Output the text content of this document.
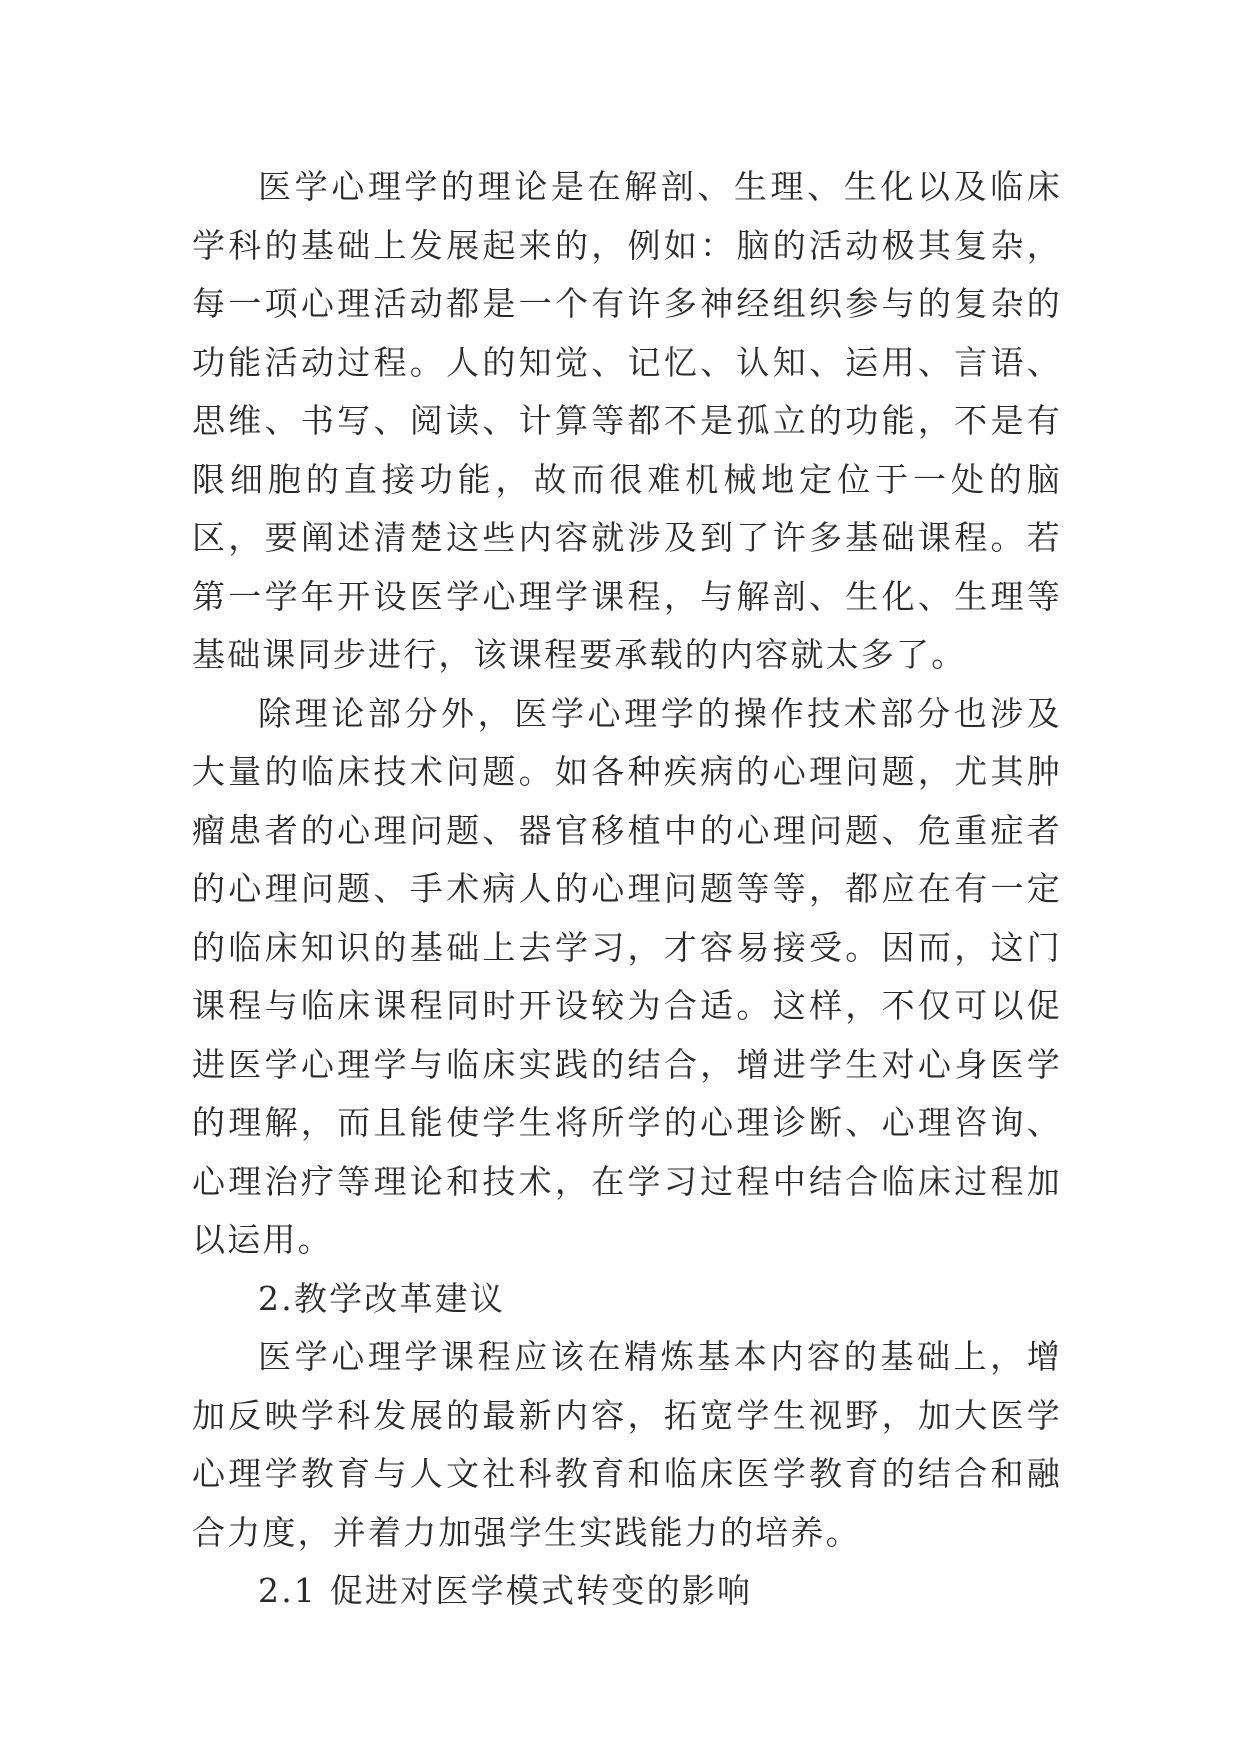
医学心理学的理论是在解剖、生理、生化以及临床学科的基础上发展起来的，例如：脑的活动极其复杂，每一项心理活动都是一个有许多神经组织参与的复杂的功能活动过程。人的知觉、记忆、认知、运用、言语、思维、书写、阅读、计算等都不是孤立的功能，不是有限细胞的直接功能，故而很难机械地定位于一处的脑区，要阐述清楚这些内容就涉及到了许多基础课程。若第一学年开设医学心理学课程，与解剖、生化、生理等基础课同步进行，该课程要承载的内容就太多了。

除理论部分外，医学心理学的操作技术部分也涉及大量的临床技术问题。如各种疾病的心理问题，尤其肿瘤患者的心理问题、器官移植中的心理问题、危重症者的心理问题、手术病人的心理问题等等，都应在有一定的临床知识的基础上去学习，才容易接受。因而，这门课程与临床课程同时开设较为合适。这样，不仅可以促进医学心理学与临床实践的结合，增进学生对心身医学的理解，而且能使学生将所学的心理诊断、心理咨询、心理治疗等理论和技术，在学习过程中结合临床过程加以运用。

2.教学改革建议

医学心理学课程应该在精炼基本内容的基础上，增加反映学科发展的最新内容，拓宽学生视野，加大医学心理学教育与人文社科教育和临床医学教育的结合和融合力度，并着力加强学生实践能力的培养。

2.1 促进对医学模式转变的影响
